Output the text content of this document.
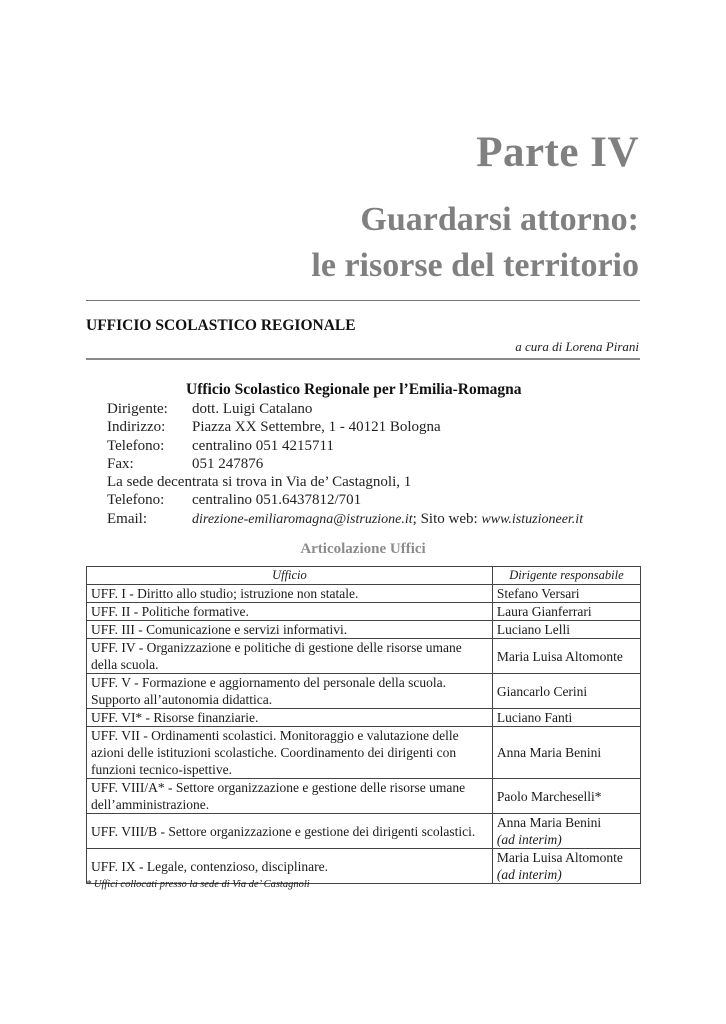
Parte IV
Guardarsi attorno:
le risorse del territorio
UFFICIO SCOLASTICO REGIONALE
a cura di Lorena Pirani
Ufficio Scolastico Regionale per l’Emilia-Romagna
Dirigente:	dott. Luigi Catalano
Indirizzo:	Piazza XX Settembre, 1 - 40121 Bologna
Telefono:	centralino 051 4215711
Fax:	051 247876
La sede decentrata si trova in Via de’ Castagnoli, 1
Telefono:	centralino 051.6437812/701
Email:	direzione-emiliaromagna@istruzione.it; Sito web: www.istuzioneer.it
Articolazione Uffici
Ufficio	Dirigente responsabile
UFF. I - Diritto allo studio; istruzione non statale.	Stefano Versari
UFF. II - Politiche formative.	Laura Gianferrari
UFF. III - Comunicazione e servizi informativi.	Luciano Lelli
UFF. IV - Organizzazione e politiche di gestione delle risorse umane della scuola.	Maria Luisa Altomonte
UFF. V - Formazione e aggiornamento del personale della scuola. Supporto all’autonomia didattica.	Giancarlo Cerini
UFF. VI* - Risorse finanziarie.	Luciano Fanti
UFF. VII - Ordinamenti scolastici. Monitoraggio e valutazione delle azioni delle istituzioni scolastiche. Coordinamento dei dirigenti con funzioni tecnico-ispettive.	Anna Maria Benini
UFF. VIII/A* - Settore organizzazione e gestione delle risorse umane dell’amministrazione.	Paolo Marcheselli*
UFF. VIII/B - Settore organizzazione e gestione dei dirigenti scolastici.	Anna Maria Benini
(ad interim)
UFF. IX - Legale, contenzioso, disciplinare.	Maria Luisa Altomonte
(ad interim)
* Uffici collocati presso la sede di Via de’ Castagnoli
